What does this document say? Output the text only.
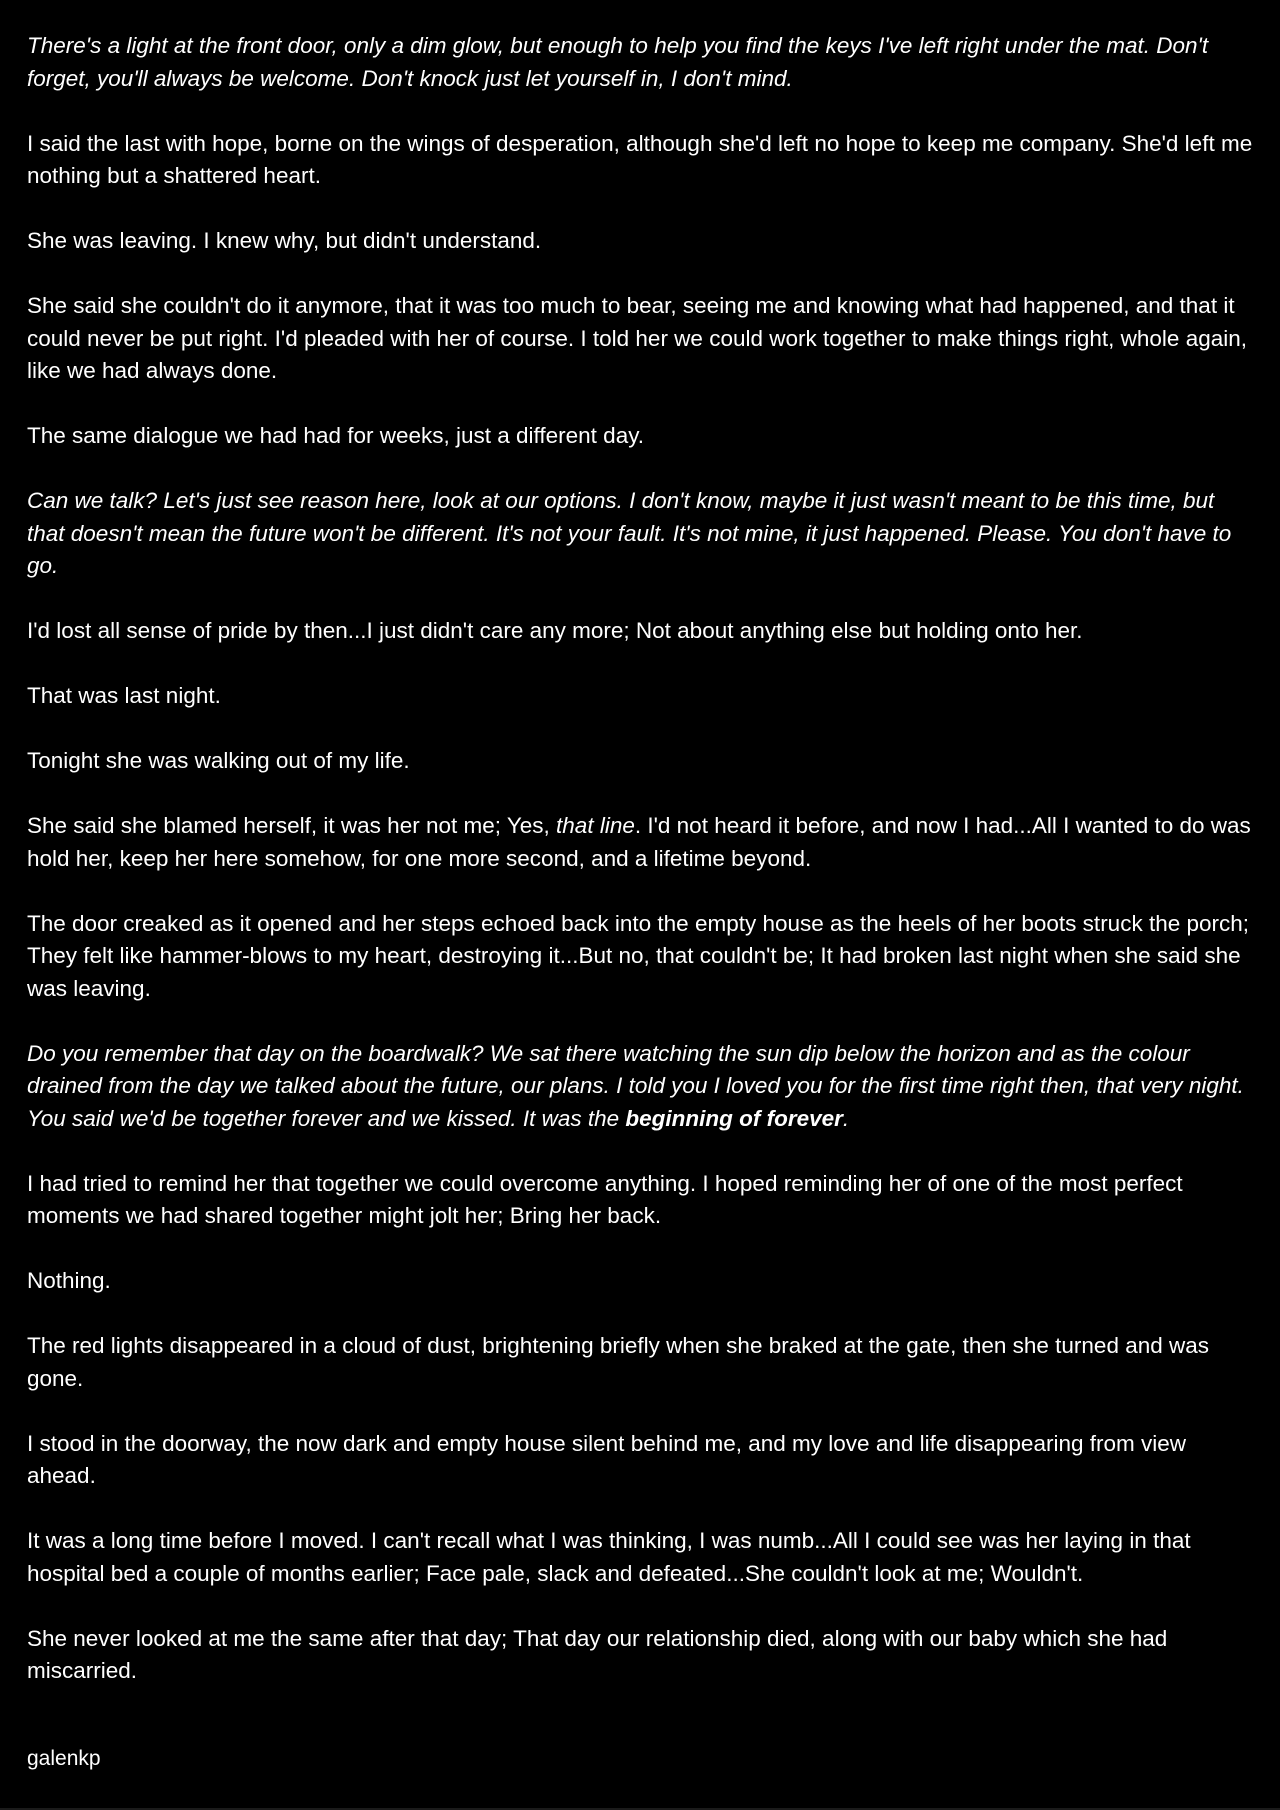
There's a light at the front door, only a dim glow, but enough to help you find the keys I've left right under the mat. Don't forget, you'll always be welcome. Don't knock just let yourself in, I don't mind.

I said the last with hope, borne on the wings of desperation, although she'd left no hope to keep me company. She'd left me nothing but a shattered heart.

She was leaving. I knew why, but didn't understand.

She said she couldn't do it anymore, that it was too much to bear, seeing me and knowing what had happened, and that it could never be put right. I'd pleaded with her of course. I told her we could work together to make things right, whole again, like we had always done.

The same dialogue we had had for weeks, just a different day.

Can we talk? Let's just see reason here, look at our options. I don't know, maybe it just wasn't meant to be this time, but that doesn't mean the future won't be different. It's not your fault. It's not mine, it just happened. Please. You don't have to go.

I'd lost all sense of pride by then...I just didn't care any more; Not about anything else but holding onto her.

That was last night.

Tonight she was walking out of my life.

She said she blamed herself, it was her not me; Yes, that line. I'd not heard it before, and now I had...All I wanted to do was hold her, keep her here somehow, for one more second, and a lifetime beyond.

The door creaked as it opened and her steps echoed back into the empty house as the heels of her boots struck the porch; They felt like hammer-blows to my heart, destroying it...But no, that couldn't be; It had broken last night when she said she was leaving.

Do you remember that day on the boardwalk? We sat there watching the sun dip below the horizon and as the colour drained from the day we talked about the future, our plans. I told you I loved you for the first time right then, that very night. You said we'd be together forever and we kissed. It was the beginning of forever.

I had tried to remind her that together we could overcome anything. I hoped reminding her of one of the most perfect moments we had shared together might jolt her; Bring her back.

Nothing.

The red lights disappeared in a cloud of dust, brightening briefly when she braked at the gate, then she turned and was gone.

I stood in the doorway, the now dark and empty house silent behind me, and my love and life disappearing from view ahead.

It was a long time before I moved. I can't recall what I was thinking, I was numb...All I could see was her laying in that hospital bed a couple of months earlier; Face pale, slack and defeated...She couldn't look at me; Wouldn't.

She never looked at me the same after that day; That day our relationship died, along with our baby which she had miscarried.

galenkp
